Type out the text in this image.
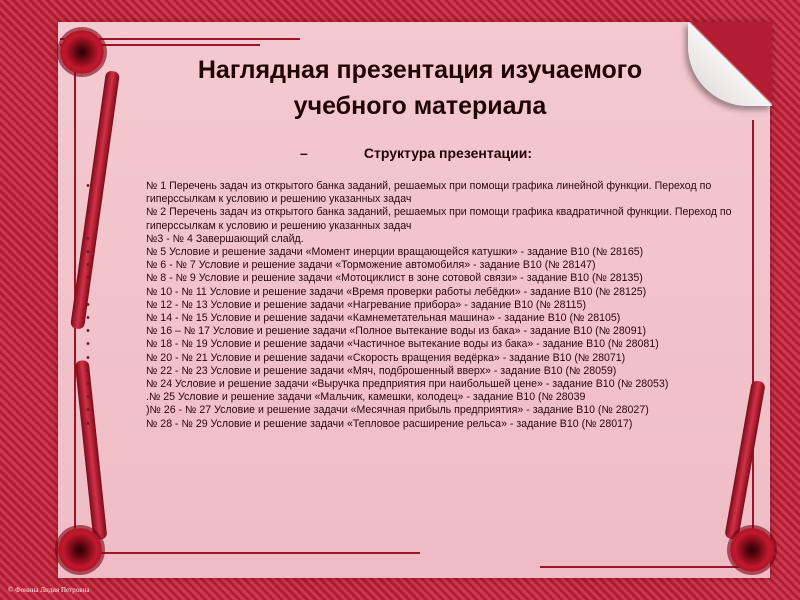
Наглядная презентация изучаемого
учебного материала
–	Структура презентации:
•	№ 1 Перечень задач из открытого банка заданий, решаемых при помощи графика линейной функции. Переход по гиперссылкам к условию и решению указанных задач
•	№ 2 Перечень задач из открытого банка заданий, решаемых при помощи графика квадратичной функции. Переход по гиперссылкам к условию и решению указанных задач
•	№3 - № 4 Завершающий слайд.
•	№ 5 Условие и решение задачи «Момент инерции вращающейся катушки» - задание B10 (№ 28165)
•	№ 6 - № 7 Условие и решение задачи «Торможение автомобиля» - задание B10 (№ 28147)
•	№ 8 - № 9 Условие и решение задачи «Мотоциклист в зоне сотовой связи» - задание B10 (№ 28135)
•	№ 10 - № 11 Условие и решение задачи «Время проверки работы лебёдки» - задание B10 (№ 28125)
•	№ 12 - № 13 Условие и решение задачи «Нагревание прибора» - задание B10 (№ 28115)
•	№ 14 - № 15 Условие и решение задачи «Камнеметательная машина» - задание B10 (№ 28105)
•	№ 16 – № 17 Условие и решение задачи «Полное вытекание воды из бака» - задание B10 (№ 28091)
•	№ 18 - № 19 Условие и решение задачи «Частичное вытекание воды из бака» - задание B10 (№ 28081)
•	№ 20 - № 21 Условие и решение задачи «Скорость вращения ведёрка» - задание B10 (№ 28071)
•	№ 22 - № 23 Условие и решение задачи «Мяч, подброшенный вверх» - задание B10 (№ 28059)
•	№ 24 Условие и решение задачи «Выручка предприятия при наибольшей цене» - задание B10 (№ 28053)
•	.№ 25 Условие и решение задачи «Мальчик, камешки, колодец» - задание B10 (№ 28039
•	)№ 26 - № 27 Условие и решение задачи «Месячная прибыль предприятия» - задание B10 (№ 28027)
•	№ 28 - № 29 Условие и решение задачи «Тепловое расширение рельса» - задание B10 (№ 28017)
© Фонина Лидия Петровна
